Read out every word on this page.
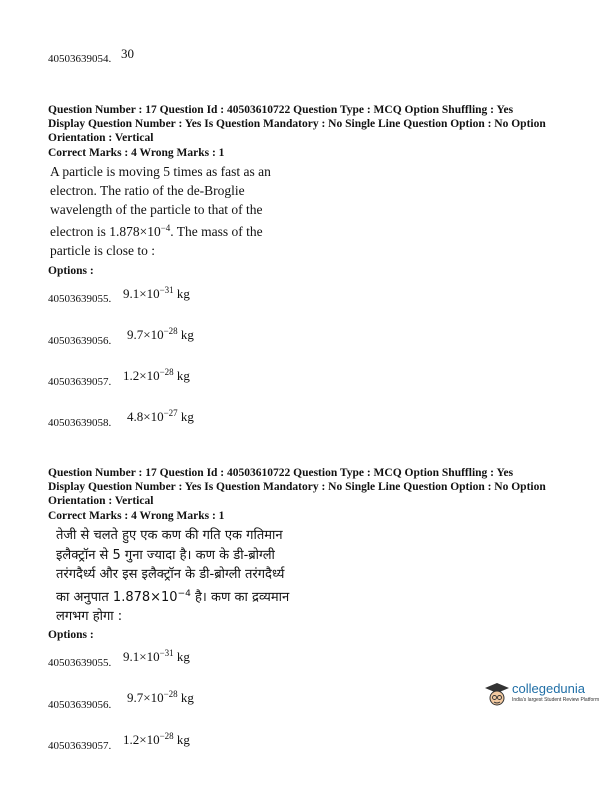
40503639054. 30
Question Number : 17 Question Id : 40503610722 Question Type : MCQ Option Shuffling : Yes
Display Question Number : Yes Is Question Mandatory : No Single Line Question Option : No Option
Orientation : Vertical
Correct Marks : 4 Wrong Marks : 1
A particle is moving 5 times as fast as an
electron. The ratio of the de-Broglie
wavelength of the particle to that of the
electron is $1.878\times 10^{-4}$. The mass of the
particle is close to :
Options :
40503639055. $9.1\times 10^{-31}$ kg
40503639056. $9.7\times 10^{-28}$ kg
40503639057. $1.2\times 10^{-28}$ kg
40503639058. $4.8\times 10^{-27}$ kg
Question Number : 17 Question Id : 40503610722 Question Type : MCQ Option Shuffling : Yes
Display Question Number : Yes Is Question Mandatory : No Single Line Question Option : No Option
Orientation : Vertical
Correct Marks : 4 Wrong Marks : 1
तेजी से चलते हुए एक कण की गति एक गतिमान
इलैक्ट्रॉन से 5 गुना ज्यादा है। कण के डी-ब्रोग्ली
तरंगदैर्ध्य और इस इलैक्ट्रॉन के डी-ब्रोग्ली तरंगदैर्ध्य
का अनुपात $1.878\times 10^{-4}$ है। कण का द्रव्यमान
लगभग होगा :
Options :
40503639055. $9.1\times 10^{-31}$ kg
40503639056. $9.7\times 10^{-28}$ kg
40503639057. $1.2\times 10^{-28}$ kg
collegedunia
India's largest Student Review Platform
